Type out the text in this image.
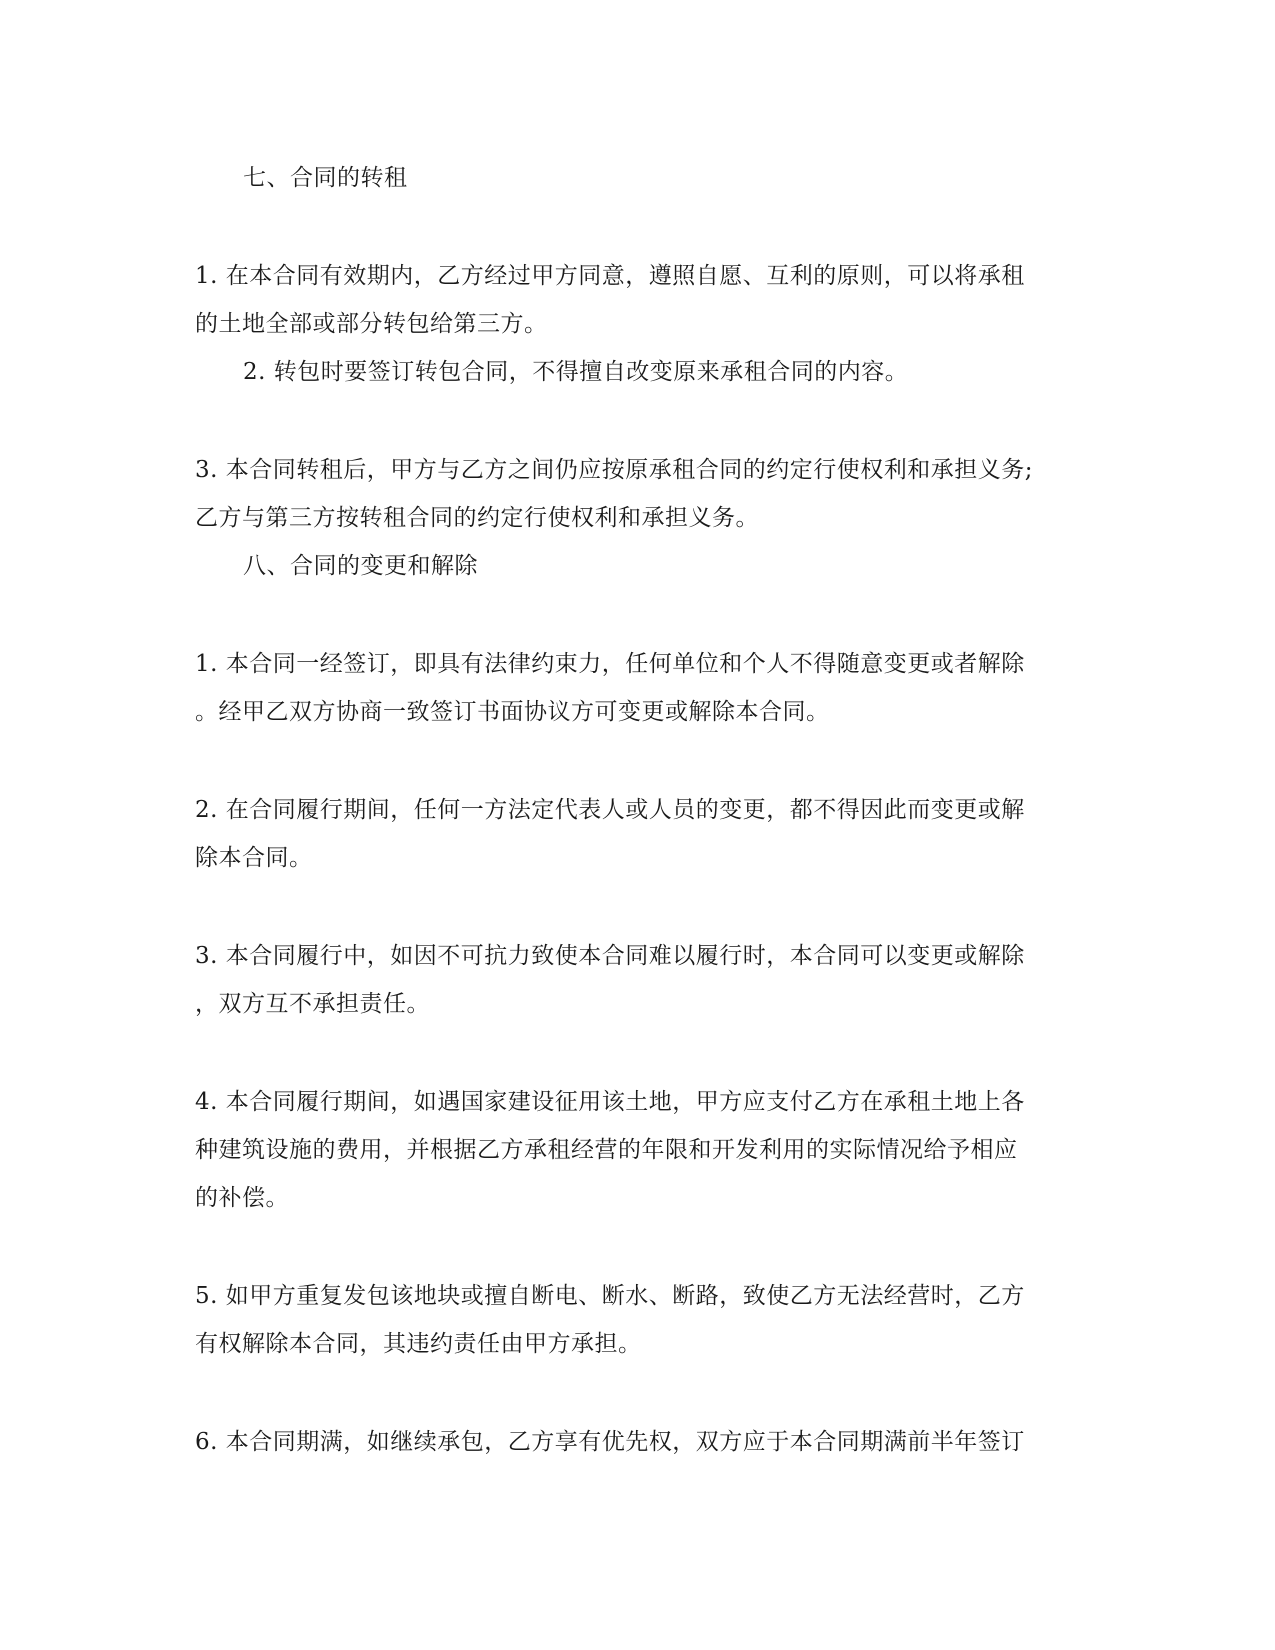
七、合同的转租
1. 在本合同有效期内，乙方经过甲方同意，遵照自愿、互利的原则，可以将承租
的土地全部或部分转包给第三方。
2. 转包时要签订转包合同，不得擅自改变原来承租合同的内容。
3. 本合同转租后，甲方与乙方之间仍应按原承租合同的约定行使权利和承担义务;
乙方与第三方按转租合同的约定行使权利和承担义务。
八、合同的变更和解除
1. 本合同一经签订，即具有法律约束力，任何单位和个人不得随意变更或者解除
。经甲乙双方协商一致签订书面协议方可变更或解除本合同。
2. 在合同履行期间，任何一方法定代表人或人员的变更，都不得因此而变更或解
除本合同。
3. 本合同履行中，如因不可抗力致使本合同难以履行时，本合同可以变更或解除
，双方互不承担责任。
4. 本合同履行期间，如遇国家建设征用该土地，甲方应支付乙方在承租土地上各
种建筑设施的费用，并根据乙方承租经营的年限和开发利用的实际情况给予相应
的补偿。
5. 如甲方重复发包该地块或擅自断电、断水、断路，致使乙方无法经营时，乙方
有权解除本合同，其违约责任由甲方承担。
6. 本合同期满，如继续承包，乙方享有优先权，双方应于本合同期满前半年签订
